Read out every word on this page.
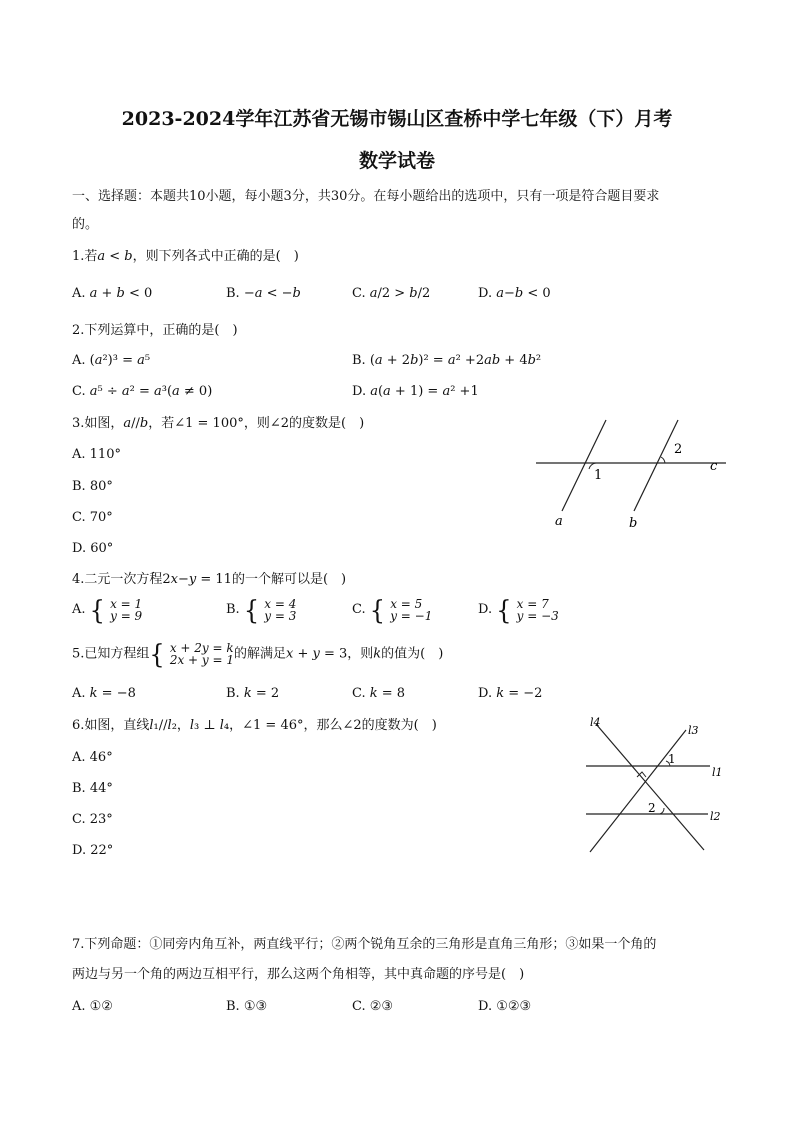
2023-2024学年江苏省无锡市锡山区查桥中学七年级（下）月考
数学试卷
一、选择题：本题共10小题，每小题3分，共30分。在每小题给出的选项中，只有一项是符合题目要求
的。
1.若𝑎 < 𝑏，则下列各式中正确的是(　)
A. 𝑎 + 𝑏 < 0	B. −𝑎 < −𝑏	C. 𝑎/2 > 𝑏/2	D. 𝑎−𝑏 < 0
2.下列运算中，正确的是(　)
A. (𝑎²)³ = 𝑎⁵	B. (𝑎 + 2𝑏)² = 𝑎² +2𝑎𝑏 + 4𝑏²
C. 𝑎⁵ ÷ 𝑎² = 𝑎³(𝑎 ≠ 0)	D. 𝑎(𝑎 + 1) = 𝑎² +1
3.如图，𝑎//𝑏，若∠1 = 100°，则∠2的度数是(　)
A. 110°
B. 80°
C. 70°
D. 60°
1
2
a	b
c
4.二元一次方程2𝑥−𝑦 = 11的一个解可以是(　)
A. { 𝑥 = 1
𝑦 = 9	B. { 𝑥 = 4
𝑦 = 3	C. { 𝑥 = 5
𝑦 = −1	D. { 𝑥 = 7
𝑦 = −3
5.已知方程组{ 𝑥 + 2𝑦 = 𝑘
2𝑥 + 𝑦 = 1的解满足𝑥 + 𝑦 = 3，则𝑘的值为(　)
A. 𝑘 = −8	B. 𝑘 = 2	C. 𝑘 = 8	D. 𝑘 = −2
6.如图，直线𝑙₁//𝑙₂，𝑙₃ ⊥ 𝑙₄，∠1 = 46°，那么∠2的度数为(　)
A. 46°
B. 44°
C. 23°
D. 22°
l4
l3
1
l1
2
l2
7.下列命题：①同旁内角互补，两直线平行；②两个锐角互余的三角形是直角三角形；③如果一个角的
两边与另一个角的两边互相平行，那么这两个角相等，其中真命题的序号是(　)
A. ①②	B. ①③	C. ②③	D. ①②③
